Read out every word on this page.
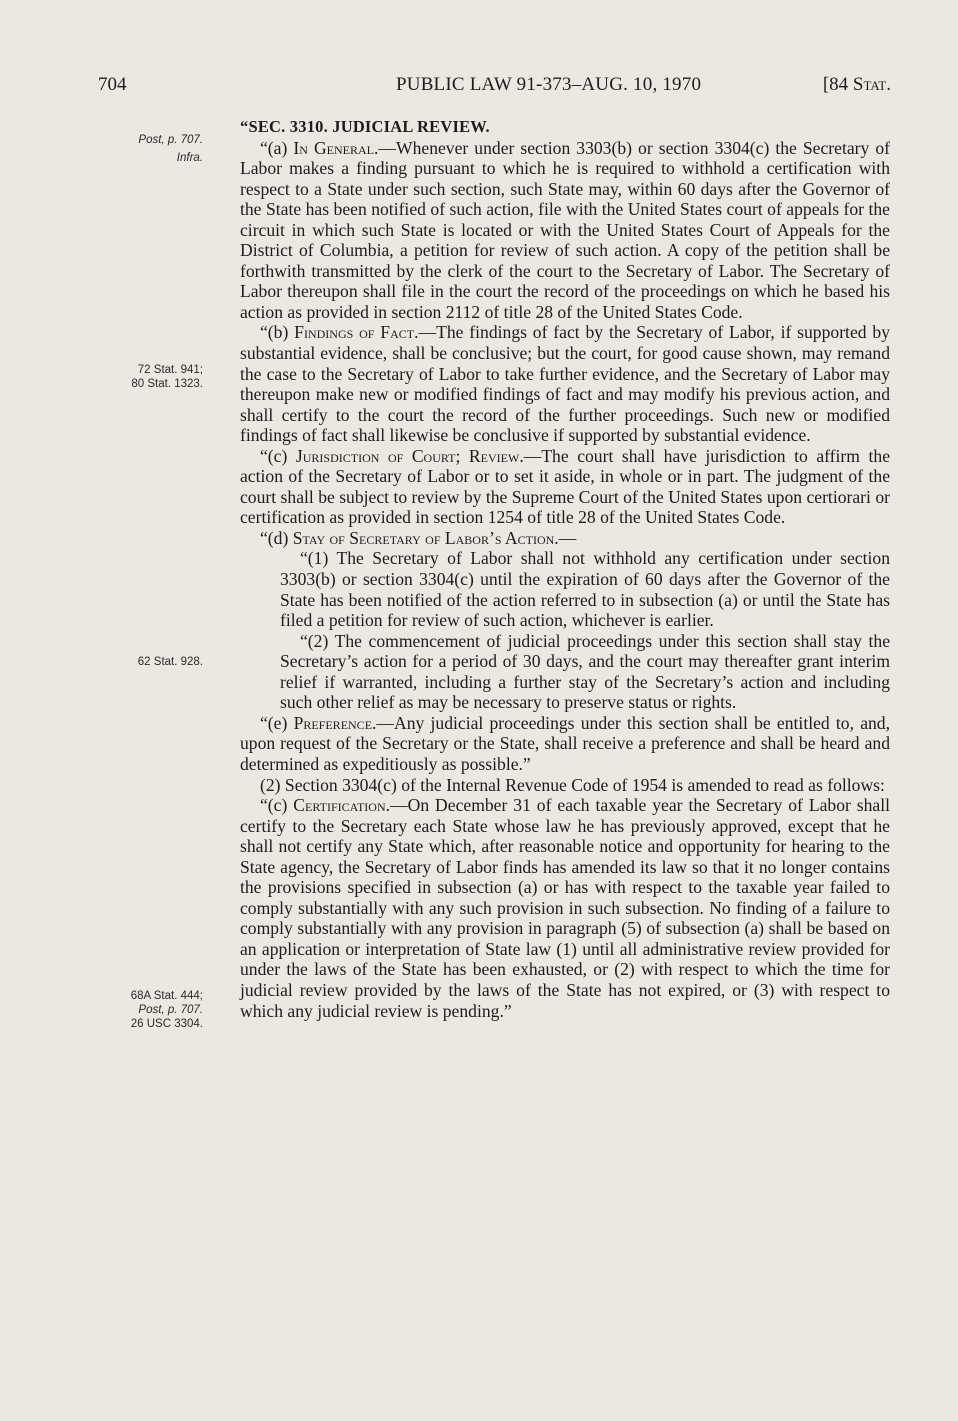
704	PUBLIC LAW 91-373–AUG. 10, 1970	[84 Stat.
Post, p. 707.
Infra.
72 Stat. 941;
80 Stat. 1323.
62 Stat. 928.
68A Stat. 444;
Post, p. 707.
26 USC 3304.

“SEC. 3310. JUDICIAL REVIEW.

“(a) In General.—Whenever under section 3303(b) or section 3304(c) the Secretary of Labor makes a finding pursuant to which he is required to withhold a certification with respect to a State under such section, such State may, within 60 days after the Governor of the State has been notified of such action, file with the United States court of appeals for the circuit in which such State is located or with the United States Court of Appeals for the District of Columbia, a petition for review of such action. A copy of the petition shall be forthwith transmitted by the clerk of the court to the Secretary of Labor. The Secretary of Labor thereupon shall file in the court the record of the proceedings on which he based his action as provided in section 2112 of title 28 of the United States Code.

“(b) Findings of Fact.—The findings of fact by the Secretary of Labor, if supported by substantial evidence, shall be conclusive; but the court, for good cause shown, may remand the case to the Secretary of Labor to take further evidence, and the Secretary of Labor may thereupon make new or modified findings of fact and may modify his previous action, and shall certify to the court the record of the further proceedings. Such new or modified findings of fact shall likewise be conclusive if supported by substantial evidence.

“(c) Jurisdiction of Court; Review.—The court shall have jurisdiction to affirm the action of the Secretary of Labor or to set it aside, in whole or in part. The judgment of the court shall be subject to review by the Supreme Court of the United States upon certiorari or certification as provided in section 1254 of title 28 of the United States Code.

“(d) Stay of Secretary of Labor’s Action.—

“(1) The Secretary of Labor shall not withhold any certification under section 3303(b) or section 3304(c) until the expiration of 60 days after the Governor of the State has been notified of the action referred to in subsection (a) or until the State has filed a petition for review of such action, whichever is earlier.

“(2) The commencement of judicial proceedings under this section shall stay the Secretary’s action for a period of 30 days, and the court may thereafter grant interim relief if warranted, including a further stay of the Secretary’s action and including such other relief as may be necessary to preserve status or rights.

“(e) Preference.—Any judicial proceedings under this section shall be entitled to, and, upon request of the Secretary or the State, shall receive a preference and shall be heard and determined as expeditiously as possible.”

(2) Section 3304(c) of the Internal Revenue Code of 1954 is amended to read as follows:

“(c) Certification.—On December 31 of each taxable year the Secretary of Labor shall certify to the Secretary each State whose law he has previously approved, except that he shall not certify any State which, after reasonable notice and opportunity for hearing to the State agency, the Secretary of Labor finds has amended its law so that it no longer contains the provisions specified in subsection (a) or has with respect to the taxable year failed to comply substantially with any such provision in such subsection. No finding of a failure to comply substantially with any provision in paragraph (5) of subsection (a) shall be based on an application or interpretation of State law (1) until all administrative review provided for under the laws of the State has been exhausted, or (2) with respect to which the time for judicial review provided by the laws of the State has not expired, or (3) with respect to which any judicial review is pending.”
